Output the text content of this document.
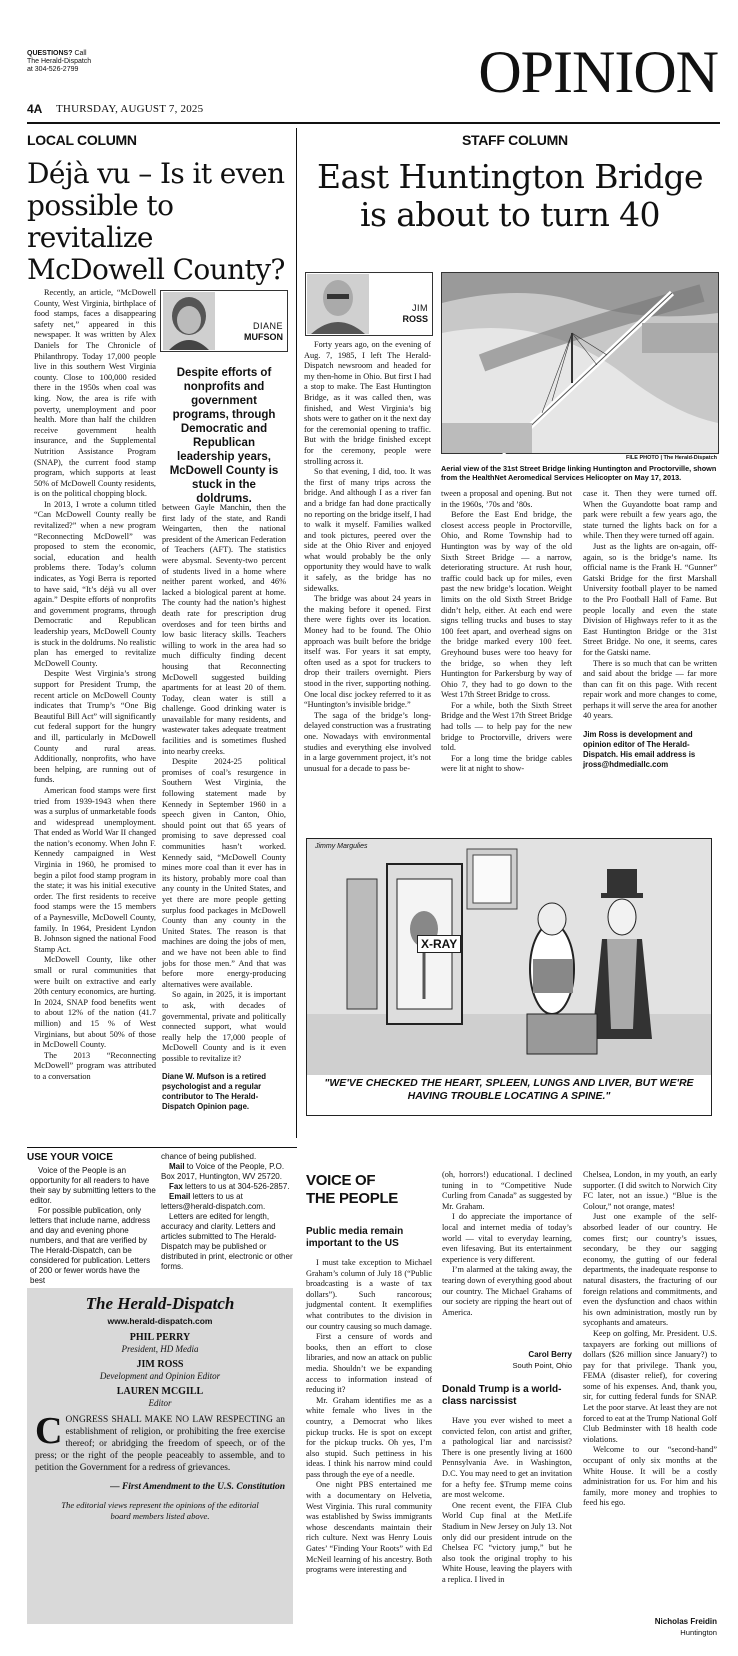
QUESTIONS? Call
The Herald-Dispatch
at 304-526-2799	OPINION
4A THURSDAY, AUGUST 7, 2025
LOCAL COLUMN
Déjà vu – Is it even possible to revitalize McDowell County?

Recently, an article, “McDowell County, West Virginia, birthplace of food stamps, faces a disappearing safety net,” appeared in this newspaper. It was written by Alex Daniels for The Chronicle of Philanthropy. Today 17,000 people live in this southern West Virginia county. Close to 100,000 resided there in the 1950s when coal was king. Now, the area is rife with poverty, unemployment and poor health. More than half the children receive government health insurance, and the Supplemental Nutrition Assistance Program (SNAP), the current food stamp program, which supports at least 50% of McDowell County residents, is on the political chopping block.

In 2013, I wrote a column titled “Can McDowell County really be revitalized?” when a new program “Reconnecting McDowell” was proposed to stem the economic, social, education and health problems there. Today’s column indicates, as Yogi Berra is reported to have said, “It’s déjà vu all over again.” Despite efforts of nonprofits and government programs, through Democratic and Republican leadership years, McDowell County is stuck in the doldrums. No realistic plan has emerged to revitalize McDowell County.

Despite West Virginia’s strong support for President Trump, the recent article on McDowell County indicates that Trump’s “One Big Beautiful Bill Act” will significantly cut federal support for the hungry and ill, particularly in McDowell County and rural areas. Additionally, nonprofits, who have been helping, are running out of funds.

American food stamps were first tried from 1939-1943 when there was a surplus of unmarketable foods and widespread unemployment. That ended as World War II changed the nation’s economy. When John F. Kennedy campaigned in West Virginia in 1960, he promised to begin a pilot food stamp program in the state; it was his initial executive order. The first residents to receive food stamps were the 15 members of a Paynesville, McDowell County, family. In 1964, President Lyndon B. Johnson signed the national Food Stamp Act.

McDowell County, like other small or rural communities that were built on extractive and early 20th century economics, are hurting. In 2024, SNAP food benefits went to about 12% of the nation (41.7 million) and 15 % of West Virginians, but about 50% of those in McDowell County.

The 2013 “Reconnecting McDowell” program was attributed to a conversation

DIANE
MUFSON
Despite efforts of nonprofits and government programs, through Democratic and Republican leadership years, McDowell County is stuck in the doldrums.

between Gayle Manchin, then the first lady of the state, and Randi Weingarten, then the national president of the American Federation of Teachers (AFT). The statistics were abysmal. Seventy-two percent of students lived in a home where neither parent worked, and 46% lacked a biological parent at home. The county had the nation’s highest death rate for prescription drug overdoses and for teen births and low basic literacy skills. Teachers willing to work in the area had so much difficulty finding decent housing that Reconnecting McDowell suggested building apartments for at least 20 of them. Today, clean water is still a challenge. Good drinking water is unavailable for many residents, and wastewater takes adequate treatment facilities and is sometimes flushed into nearby creeks.

Despite 2024-25 political promises of coal’s resurgence in Southern West Virginia, the following statement made by Kennedy in September 1960 in a speech given in Canton, Ohio, should point out that 65 years of promising to save depressed coal communities hasn’t worked. Kennedy said, “McDowell County mines more coal than it ever has in its history, probably more coal than any county in the United States, and yet there are more people getting surplus food packages in McDowell County than any county in the United States. The reason is that machines are doing the jobs of men, and we have not been able to find jobs for those men.” And that was before more energy-producing alternatives were available.

So again, in 2025, it is important to ask, with decades of governmental, private and politically connected support, what would really help the 17,000 people of McDowell County and is it even possible to revitalize it?

Diane W. Mufson is a retired psychologist and a regular contributor to The Herald-Dispatch Opinion page.

STAFF COLUMN
East Huntington Bridge
is about to turn 40
JIM
ROSS
FILE PHOTO | The Herald-Dispatch
Aerial view of the 31st Street Bridge linking Huntington and Proctorville, shown from the HealthNet Aeromedical Services Helicopter on May 17, 2013.

Forty years ago, on the evening of Aug. 7, 1985, I left The Herald-Dispatch newsroom and headed for my then-home in Ohio. But first I had a stop to make. The East Huntington Bridge, as it was called then, was finished, and West Virginia’s big shots were to gather on it the next day for the ceremonial opening to traffic. But with the bridge finished except for the ceremony, people were strolling across it.

So that evening, I did, too. It was the first of many trips across the bridge. And although I as a river fan and a bridge fan had done practically no reporting on the bridge itself, I had to walk it myself. Families walked and took pictures, peered over the side at the Ohio River and enjoyed what would probably be the only opportunity they would have to walk it safely, as the bridge has no sidewalks.

The bridge was about 24 years in the making before it opened. First there were fights over its location. Money had to be found. The Ohio approach was built before the bridge itself was. For years it sat empty, often used as a spot for truckers to drop their trailers overnight. Piers stood in the river, supporting nothing. One local disc jockey referred to it as “Huntington’s invisible bridge.”

The saga of the bridge’s long-delayed construction was a frustrating one. Nowadays with environmental studies and everything else involved in a large government project, it’s not unusual for a decade to pass be-

tween a proposal and opening. But not in the 1960s, ’70s and ’80s.

Before the East End bridge, the closest access people in Proctorville, Ohio, and Rome Township had to Huntington was by way of the old Sixth Street Bridge — a narrow, deteriorating structure. At rush hour, traffic could back up for miles, even past the new bridge’s location. Weight limits on the old Sixth Street Bridge didn’t help, either. At each end were signs telling trucks and buses to stay 100 feet apart, and overhead signs on the bridge marked every 100 feet. Greyhound buses were too heavy for the bridge, so when they left Huntington for Parkersburg by way of Ohio 7, they had to go down to the West 17th Street Bridge to cross.

For a while, both the Sixth Street Bridge and the West 17th Street Bridge had tolls — to help pay for the new bridge to Proctorville, drivers were told.

For a long time the bridge cables were lit at night to show-

case it. Then they were turned off. When the Guyandotte boat ramp and park were rebuilt a few years ago, the state turned the lights back on for a while. Then they were turned off again.

Just as the lights are on-again, off-again, so is the bridge’s name. Its official name is the Frank H. “Gunner” Gatski Bridge for the first Marshall University football player to be named to the Pro Football Hall of Fame. But people locally and even the state Division of Highways refer to it as the East Huntington Bridge or the 31st Street Bridge. No one, it seems, cares for the Gatski name.

There is so much that can be written and said about the bridge — far more than can fit on this page. With recent repair work and more changes to come, perhaps it will serve the area for another 40 years.

Jim Ross is development and opinion editor of The Herald-Dispatch. His email address is jross@hdmediallc.com

Jimmy Margulies
X-RAY
"WE'VE CHECKED THE HEART, SPLEEN, LUNGS AND LIVER, BUT WE'RE HAVING TROUBLE LOCATING A SPINE."
USE YOUR VOICE

Voice of the People is an opportunity for all readers to have their say by submitting letters to the editor.

For possible publication, only letters that include name, address and day and evening phone numbers, and that are verified by The Herald-Dispatch, can be considered for publication. Letters of 200 or fewer words have the best

chance of being published.

Mail to Voice of the People, P.O. Box 2017, Huntington, WV 25720.

Fax letters to us at 304-526-2857.

Email letters to us at letters@herald-dispatch.com.

Letters are edited for length, accuracy and clarity. Letters and articles submitted to The Herald-Dispatch may be published or distributed in print, electronic or other forms.

The Herald-Dispatch
www.herald-dispatch.com
PHIL PERRY
President, HD Media
JIM ROSS
Development and Opinion Editor
LAUREN MCGILL
Editor
CONGRESS SHALL MAKE NO LAW RESPECTING an establishment of religion, or prohibiting the free exercise thereof; or abridging the freedom of speech, or of the press; or the right of the people peaceably to assemble, and to petition the Government for a redress of grievances.
— First Amendment to the U.S. Constitution
The editorial views represent the opinions of the editorial board members listed above.
VOICE OF
THE PEOPLE
Public media remain important to the US

I must take exception to Michael Graham’s column of July 18 (“Public broadcasting is a waste of tax dollars”). Such rancorous; judgmental content. It exemplifies what contributes to the division in our country causing so much damage.

First a censure of words and books, then an effort to close libraries, and now an attack on public media. Shouldn’t we be expanding access to information instead of reducing it?

Mr. Graham identifies me as a white female who lives in the country, a Democrat who likes pickup trucks. He is spot on except for the pickup trucks. Oh yes, I’m also stupid. Such pettiness in his ideas. I think his narrow mind could pass through the eye of a needle.

One night PBS entertained me with a documentary on Helvetia, West Virginia. This rural community was established by Swiss immigrants whose descendants maintain their rich culture. Next was Henry Louis Gates’ “Finding Your Roots” with Ed McNeil learning of his ancestry. Both programs were interesting and

(oh, horrors!) educational. I declined tuning in to “Competitive Nude Curling from Canada” as suggested by Mr. Graham.

I do appreciate the importance of local and internet media of today’s world — vital to everyday learning, even lifesaving. But its entertainment experience is very different.

I’m alarmed at the taking away, the tearing down of everything good about our country. The Michael Grahams of our society are ripping the heart out of America.

Carol Berry
South Point, Ohio
Donald Trump is a world-class narcissist

Have you ever wished to meet a convicted felon, con artist and grifter, a pathological liar and narcissist? There is one presently living at 1600 Pennsylvania Ave. in Washington, D.C. You may need to get an invitation for a hefty fee. $Trump meme coins are most welcome.

One recent event, the FIFA Club World Cup final at the MetLife Stadium in New Jersey on July 13. Not only did our president intrude on the Chelsea FC “victory jump,” but he also took the original trophy to his White House, leaving the players with a replica. I lived in

Chelsea, London, in my youth, an early supporter. (I did switch to Norwich City FC later, not an issue.) “Blue is the Colour,” not orange, mates!

Just one example of the self-absorbed leader of our country. He comes first; our country’s issues, secondary, be they our sagging economy, the gutting of our federal departments, the inadequate response to natural disasters, the fracturing of our foreign relations and commitments, and even the dysfunction and chaos within his own administration, mostly run by sycophants and amateurs.

Keep on golfing, Mr. President. U.S. taxpayers are forking out millions of dollars ($26 million since January?) to pay for that privilege. Thank you, FEMA (disaster relief), for covering some of his expenses. And, thank you, sir, for cutting federal funds for SNAP. Let the poor starve. At least they are not forced to eat at the Trump National Golf Club Bedminster with 18 health code violations.

Welcome to our “second-hand” occupant of only six months at the White House. It will be a costly administration for us. For him and his family, more money and trophies to feed his ego.

Nicholas Freidin
Huntington
